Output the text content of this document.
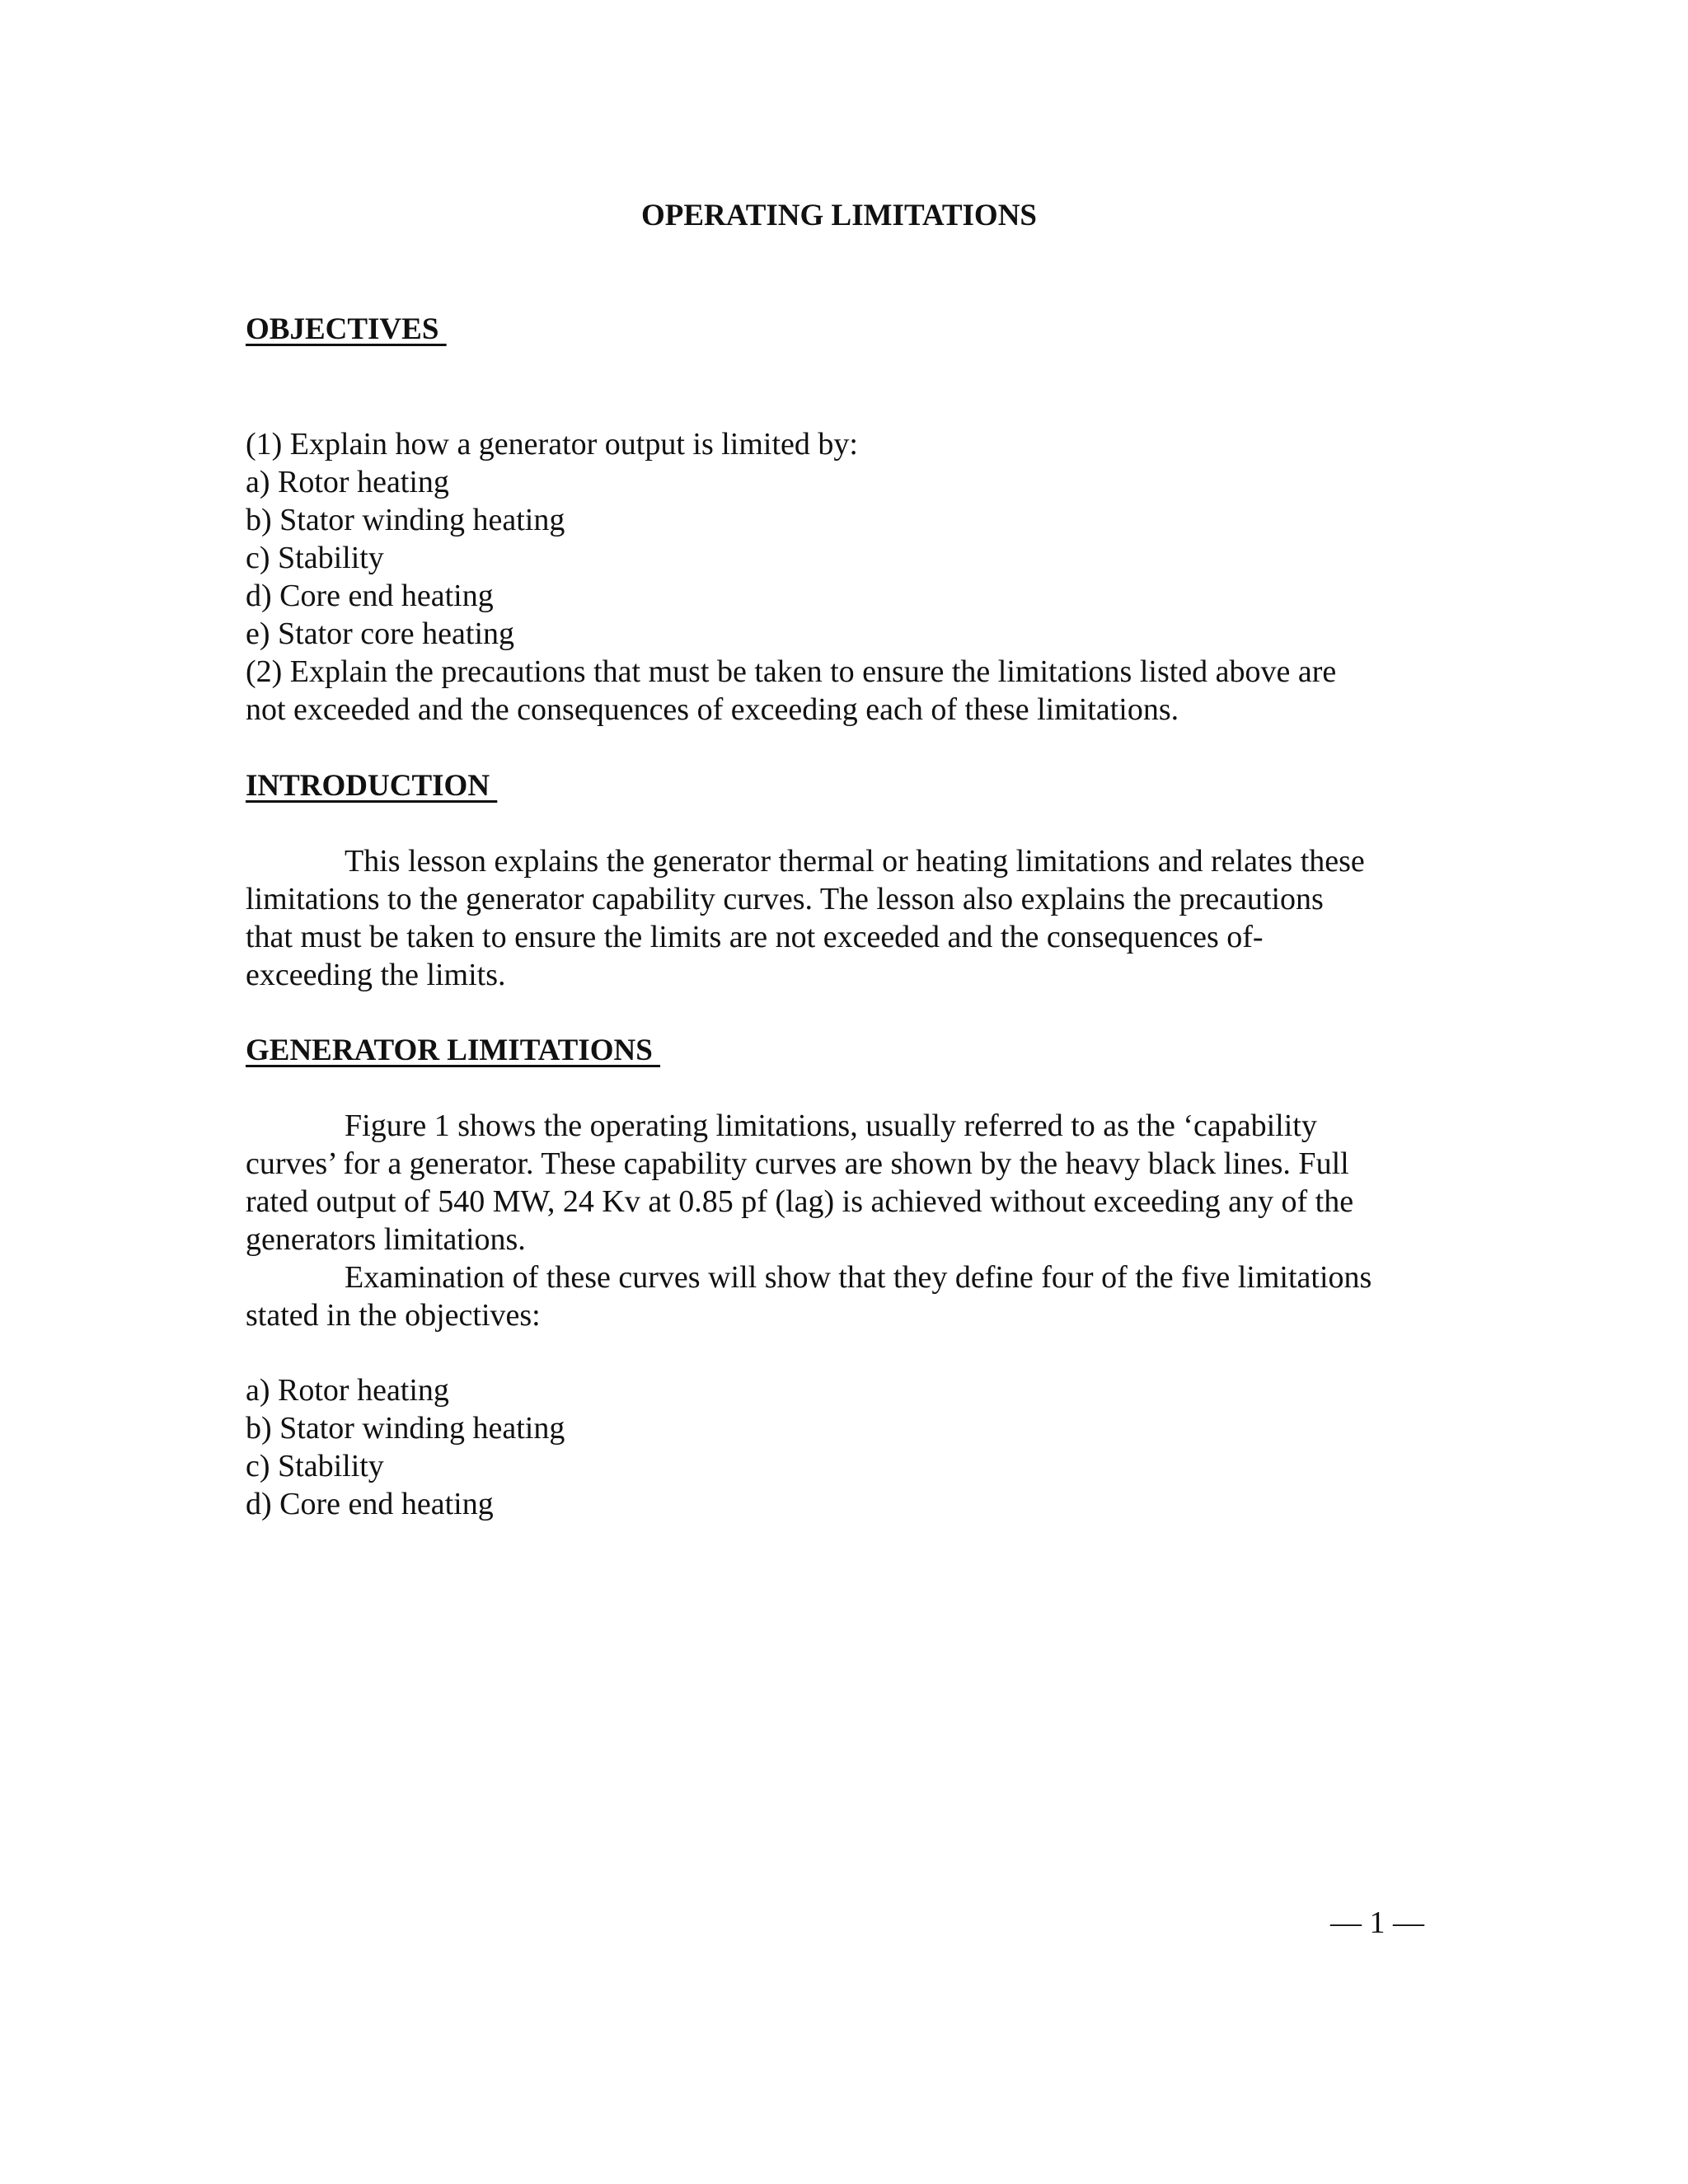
OPERATING LIMITATIONS
OBJECTIVES
(1) Explain how a generator output is limited by:
a) Rotor heating
b) Stator winding heating
c) Stability
d) Core end heating
e) Stator core heating
(2) Explain the precautions that must be taken to ensure the limitations listed above are
not exceeded and the consequences of exceeding each of these limitations.
INTRODUCTION
This lesson explains the generator thermal or heating limitations and relates these
limitations to the generator capability curves. The lesson also explains the precautions
that must be taken to ensure the limits are not exceeded and the consequences of-
exceeding the limits.
GENERATOR LIMITATIONS
Figure 1 shows the operating limitations, usually referred to as the ‘capability
curves’ for a generator. These capability curves are shown by the heavy black lines. Full
rated output of 540 MW, 24 Kv at 0.85 pf (lag) is achieved without exceeding any of the
generators limitations.
Examination of these curves will show that they define four of the five limitations
stated in the objectives:
a) Rotor heating
b) Stator winding heating
c) Stability
d) Core end heating
— 1 —
